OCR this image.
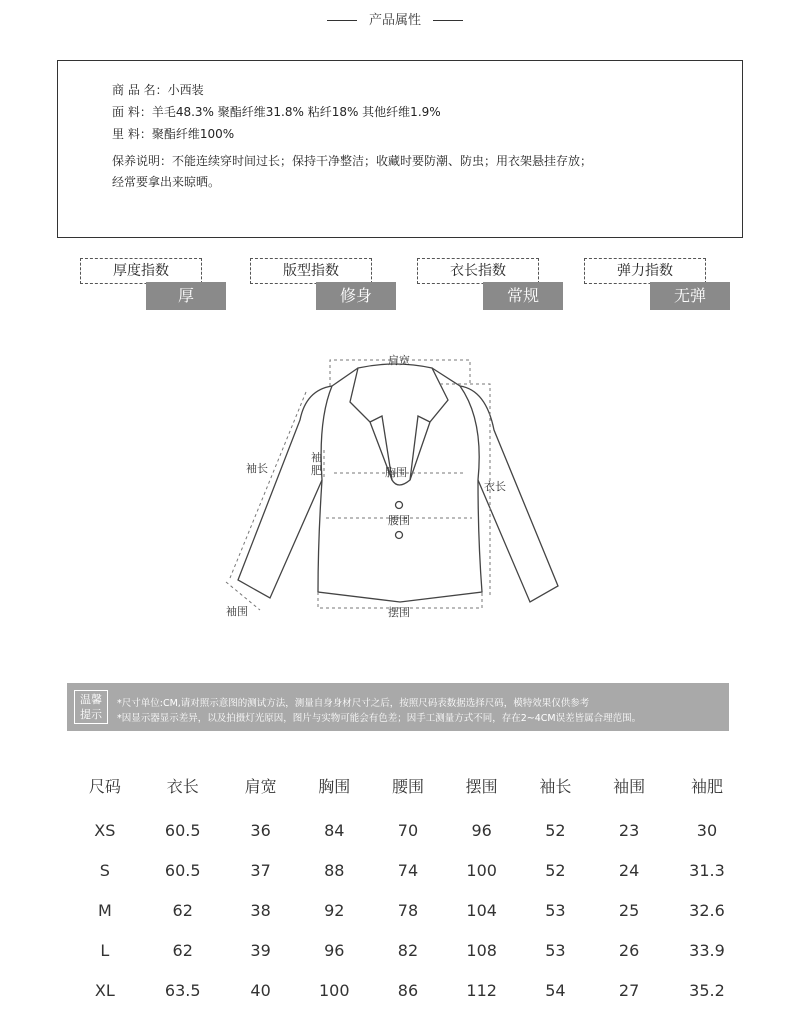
产品属性
商 品 名：小西装
面 料：羊毛48.3% 聚酯纤维31.8% 粘纤18% 其他纤维1.9%
里 料：聚酯纤维100%
保养说明：不能连续穿时间过长；保持干净整洁；收藏时要防潮、防虫；用衣架悬挂存放；
经常要拿出来晾晒。
厚度指数
厚
版型指数
修身
衣长指数
常规
弹力指数
无弹
肩宽
袖长
袖
肥	胸围
腰围
衣长
袖围	摆围
温馨
提示
*尺寸单位:CM,请对照示意图的测试方法，测量自身身材尺寸之后，按照尺码表数据选择尺码，模特效果仅供参考
*因显示器显示差异，以及拍摄灯光原因，图片与实物可能会有色差；因手工测量方式不同，存在2~4CM误差皆属合理范围。
尺码	衣长	肩宽	胸围	腰围	摆围	袖长	袖围	袖肥

XS	60.5	36	84	70	96	52	23	30
S	60.5	37	88	74	100	52	24	31.3
M	62	38	92	78	104	53	25	32.6
L	62	39	96	82	108	53	26	33.9
XL	63.5	40	100	86	112	54	27	35.2
